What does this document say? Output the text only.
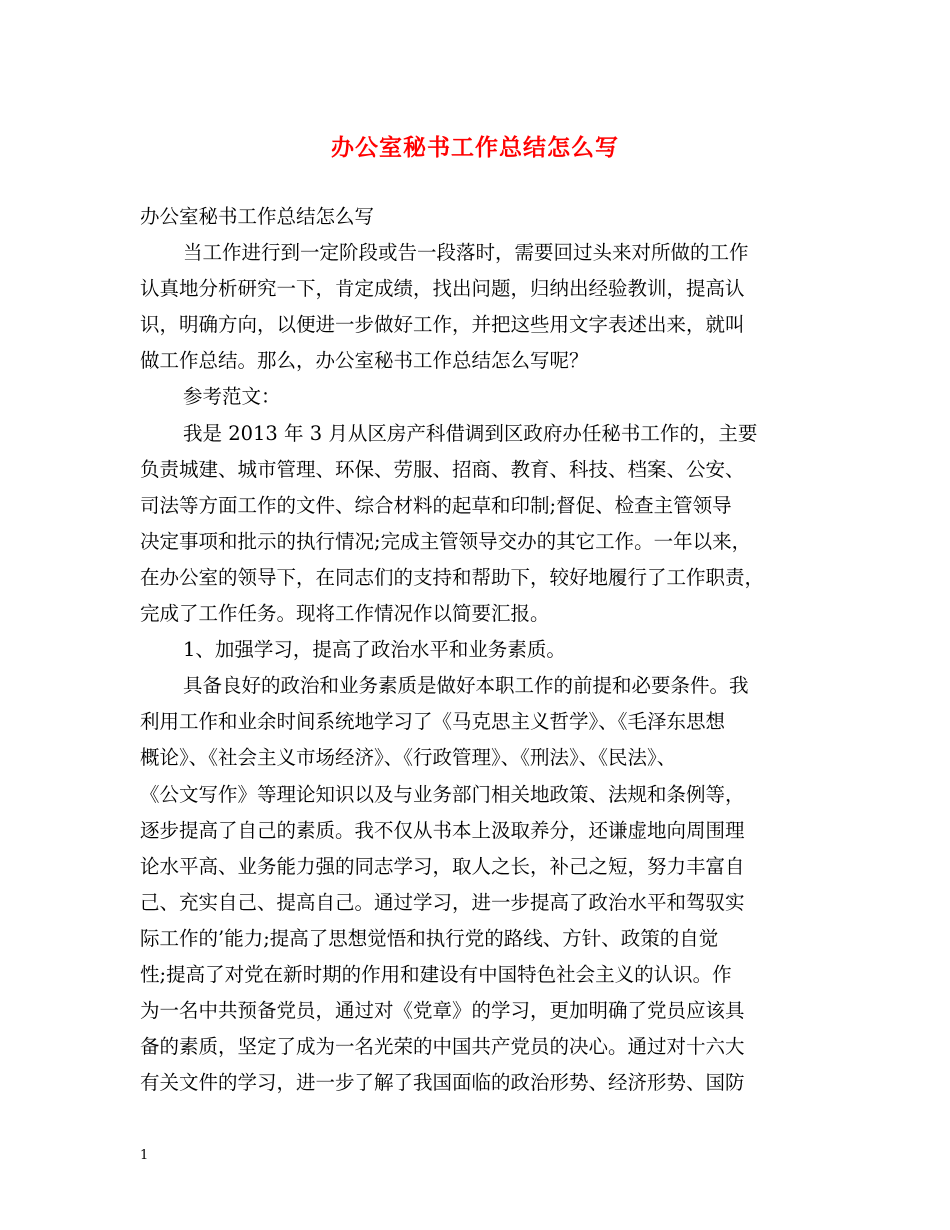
办公室秘书工作总结怎么写
办公室秘书工作总结怎么写
当工作进行到一定阶段或告一段落时，需要回过头来对所做的工作
认真地分析研究一下，肯定成绩，找出问题，归纳出经验教训，提高认
识，明确方向，以便进一步做好工作，并把这些用文字表述出来，就叫
做工作总结。那么，办公室秘书工作总结怎么写呢？
参考范文：
我是 2013 年 3 月从区房产科借调到区政府办任秘书工作的，主要
负责城建、城市管理、环保、劳服、招商、教育、科技、档案、公安、
司法等方面工作的文件、综合材料的起草和印制;督促、检查主管领导
决定事项和批示的执行情况;完成主管领导交办的其它工作。一年以来，
在办公室的领导下，在同志们的支持和帮助下，较好地履行了工作职责，
完成了工作任务。现将工作情况作以简要汇报。
1、加强学习，提高了政治水平和业务素质。
具备良好的政治和业务素质是做好本职工作的前提和必要条件。我
利用工作和业余时间系统地学习了《马克思主义哲学》、《毛泽东思想
概论》、《社会主义市场经济》、《行政管理》、《刑法》、《民法》、
《公文写作》等理论知识以及与业务部门相关地政策、法规和条例等，
逐步提高了自己的素质。我不仅从书本上汲取养分，还谦虚地向周围理
论水平高、业务能力强的同志学习，取人之长，补己之短，努力丰富自
己、充实自己、提高自己。通过学习，进一步提高了政治水平和驾驭实
际工作的’能力;提高了思想觉悟和执行党的路线、方针、政策的自觉
性;提高了对党在新时期的作用和建设有中国特色社会主义的认识。作
为一名中共预备党员，通过对《党章》的学习，更加明确了党员应该具
备的素质，坚定了成为一名光荣的中国共产党员的决心。通过对十六大
有关文件的学习，进一步了解了我国面临的政治形势、经济形势、国防
1
